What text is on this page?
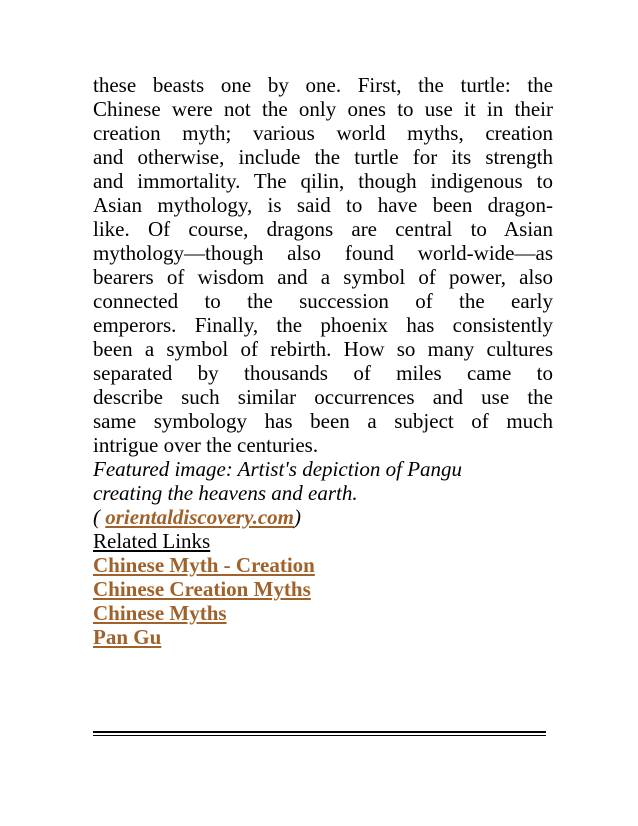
these beasts one by one. First, the turtle: the
Chinese were not the only ones to use it in their
creation myth; various world myths, creation
and otherwise, include the turtle for its strength
and immortality. The qilin, though indigenous to
Asian mythology, is said to have been dragon-
like. Of course, dragons are central to Asian
mythology—though also found world-wide—as
bearers of wisdom and a symbol of power, also
connected to the succession of the early
emperors. Finally, the phoenix has consistently
been a symbol of rebirth. How so many cultures
separated by thousands of miles came to
describe such similar occurrences and use the
same symbology has been a subject of much
intrigue over the centuries.
Featured image: Artist's depiction of Pangu
creating the heavens and earth.
( orientaldiscovery.com)
Related Links
Chinese Myth - Creation
Chinese Creation Myths
Chinese Myths
Pan Gu
